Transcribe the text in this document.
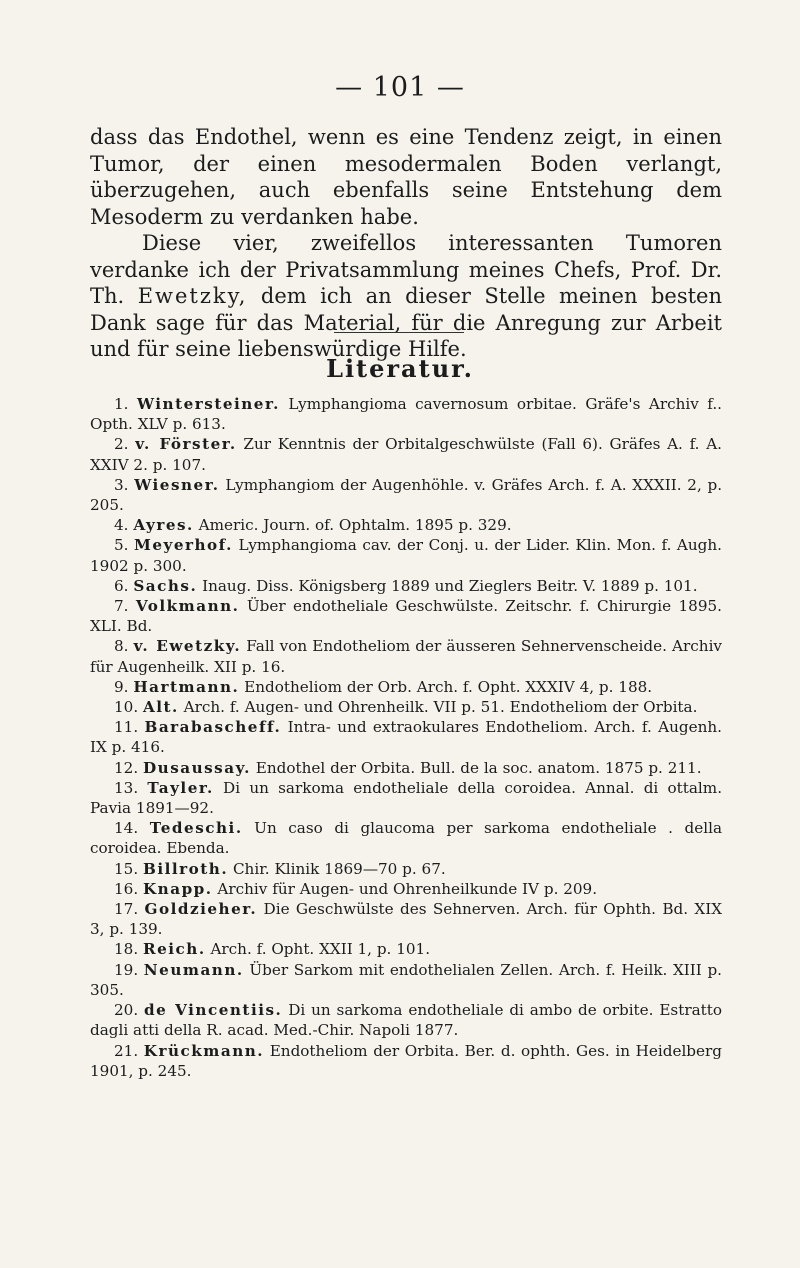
— 101 —

dass das Endothel, wenn es eine Tendenz zeigt, in einen Tumor, der einen mesodermalen Boden verlangt, überzugehen, auch ebenfalls seine Entstehung dem Mesoderm zu verdanken habe.

Diese vier, zweifellos interessanten Tumoren verdanke ich der Privatsammlung meines Chefs, Prof. Dr. Th. Ewetzky, dem ich an dieser Stelle meinen besten Dank sage für das Material, für die Anregung zur Arbeit und für seine liebenswürdige Hilfe.

Literatur.

1. Wintersteiner. Lymphangioma cavernosum orbitae. Gräfe's Archiv f.. Opth. XLV p. 613.

2. v. Förster. Zur Kenntnis der Orbitalgeschwülste (Fall 6). Gräfes A. f. A. XXIV 2. p. 107.

3. Wiesner. Lymphangiom der Augenhöhle. v. Gräfes Arch. f. A. XXXII. 2, p. 205.

4. Ayres. Americ. Journ. of. Ophtalm. 1895 p. 329.

5. Meyerhof. Lymphangioma cav. der Conj. u. der Lider. Klin. Mon. f. Augh. 1902 p. 300.

6. Sachs. Inaug. Diss. Königsberg 1889 und Zieglers Beitr. V. 1889 p. 101.

7. Volkmann. Über endotheliale Geschwülste. Zeitschr. f. Chirurgie 1895. XLI. Bd.

8. v. Ewetzky. Fall von Endotheliom der äusseren Sehnervenscheide. Archiv für Augenheilk. XII p. 16.

9. Hartmann. Endotheliom der Orb. Arch. f. Opht. XXXIV 4, p. 188.

10. Alt. Arch. f. Augen- und Ohrenheilk. VII p. 51. Endotheliom der Orbita.

11. Barabascheff. Intra- und extraokulares Endotheliom. Arch. f. Augenh. IX p. 416.

12. Dusaussay. Endothel der Orbita. Bull. de la soc. anatom. 1875 p. 211.

13. Tayler. Di un sarkoma endotheliale della coroidea. Annal. di ottalm. Pavia 1891—92.

14. Tedeschi. Un caso di glaucoma per sarkoma endotheliale . della coroidea. Ebenda.

15. Billroth. Chir. Klinik 1869—70 p. 67.

16. Knapp. Archiv für Augen- und Ohrenheilkunde IV p. 209.

17. Goldzieher. Die Geschwülste des Sehnerven. Arch. für Ophth. Bd. XIX 3, p. 139.

18. Reich. Arch. f. Opht. XXII 1, p. 101.

19. Neumann. Über Sarkom mit endothelialen Zellen. Arch. f. Heilk. XIII p. 305.

20. de Vincentiis. Di un sarkoma endotheliale di ambo de orbite. Estratto dagli atti della R. acad. Med.-Chir. Napoli 1877.

21. Krückmann. Endotheliom der Orbita. Ber. d. ophth. Ges. in Heidelberg 1901, p. 245.
